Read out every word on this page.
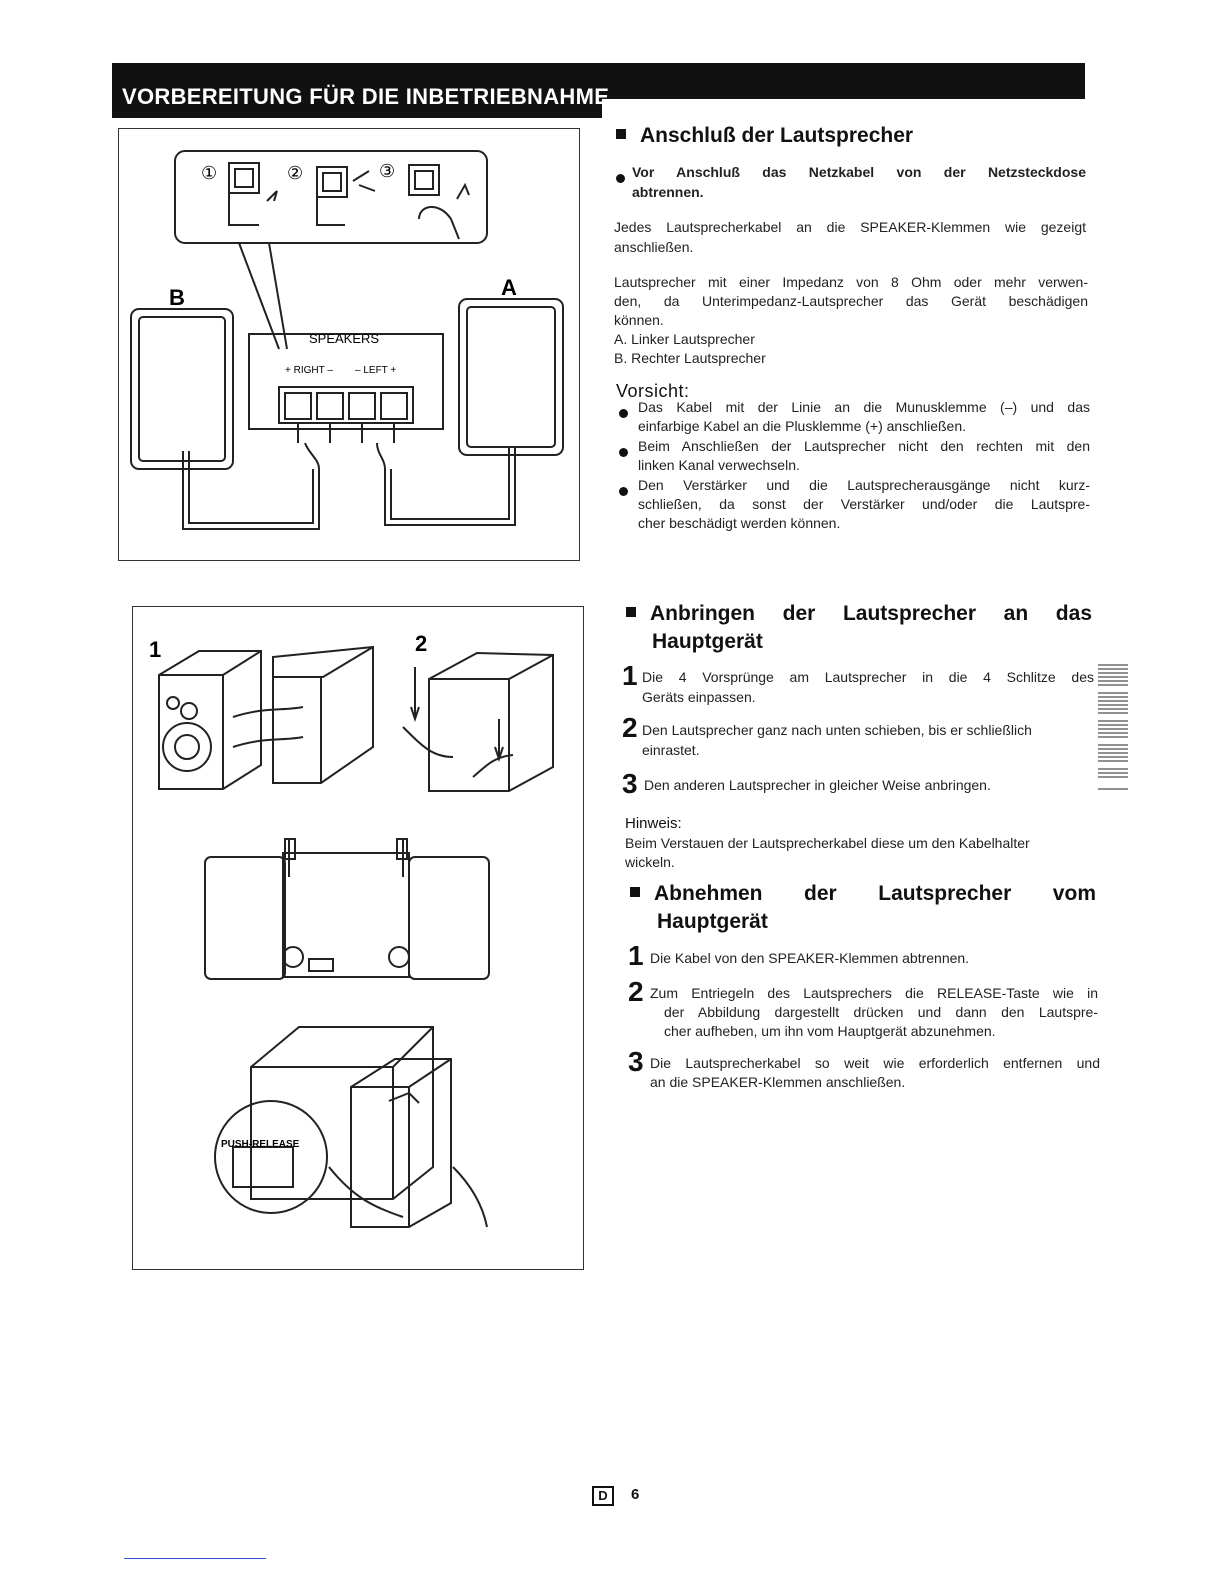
VORBEREITUNG FÜR DIE INBETRIEBNAHME
①	②	③
B	A
SPEAKERS
+ RIGHT – – LEFT +
Anschluß der Lautsprecher
Vor Anschluß das Netzkabel von der Netzsteckdose
abtrennen.
Jedes Lautsprecherkabel an die SPEAKER-Klemmen wie gezeigt
anschließen.
Lautsprecher mit einer Impedanz von 8 Ohm oder mehr verwen-
den, da Unterimpedanz-Lautsprecher das Gerät beschädigen
können.
A. Linker Lautsprecher
B. Rechter Lautsprecher
Vorsicht:
Das Kabel mit der Linie an die Munusklemme (–) und das
einfarbige Kabel an die Plusklemme (+) anschließen.
Beim Anschließen der Lautsprecher nicht den rechten mit den
linken Kanal verwechseln.
Den Verstärker und die Lautsprecherausgänge nicht kurz-
schließen, da sonst der Verstärker und/oder die Lautspre-
cher beschädigt werden können.
1	2
PUSH-RELEASE
Anbringen der Lautsprecher an das
Hauptgerät
1 Die 4 Vorsprünge am Lautsprecher in die 4 Schlitze des
Geräts einpassen.
2 Den Lautsprecher ganz nach unten schieben, bis er schließlich
einrastet.
3 Den anderen Lautsprecher in gleicher Weise anbringen.
Hinweis:
Beim Verstauen der Lautsprecherkabel diese um den Kabelhalter
wickeln.
Abnehmen der Lautsprecher vom
Hauptgerät
1 Die Kabel von den SPEAKER-Klemmen abtrennen.
2 Zum Entriegeln des Lautsprechers die RELEASE-Taste wie in
der Abbildung dargestellt drücken und dann den Lautspre-
cher aufheben, um ihn vom Hauptgerät abzunehmen.
3 Die Lautsprecherkabel so weit wie erforderlich entfernen und
an die SPEAKER-Klemmen anschließen.
D	6
